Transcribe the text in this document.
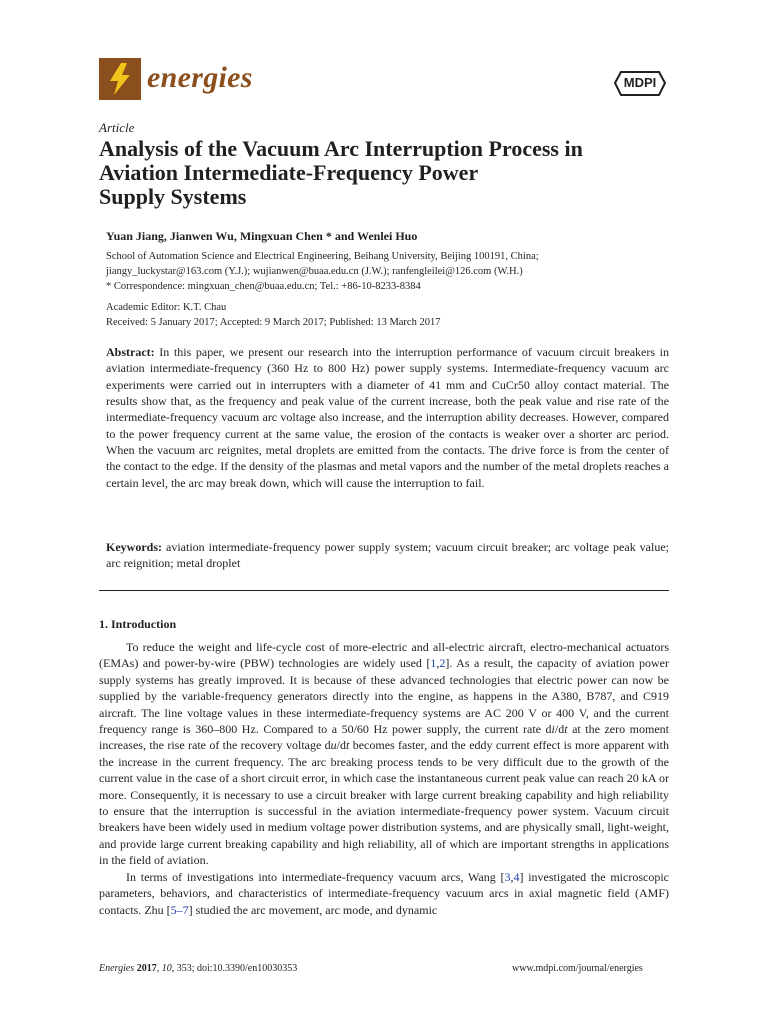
energies	MDPI
Article
Analysis of the Vacuum Arc Interruption Process in
Aviation Intermediate-Frequency Power
Supply Systems
Yuan Jiang, Jianwen Wu, Mingxuan Chen * and Wenlei Huo
School of Automation Science and Electrical Engineering, Beihang University, Beijing 100191, China;
jiangy_luckystar@163.com (Y.J.); wujianwen@buaa.edu.cn (J.W.); ranfengleilei@126.com (W.H.)
* Correspondence: mingxuan_chen@buaa.edu.cn; Tel.: +86-10-8233-8384
Academic Editor: K.T. Chau
Received: 5 January 2017; Accepted: 9 March 2017; Published: 13 March 2017
Abstract: In this paper, we present our research into the interruption performance of vacuum circuit breakers in aviation intermediate-frequency (360 Hz to 800 Hz) power supply systems. Intermediate-frequency vacuum arc experiments were carried out in interrupters with a diameter of 41 mm and CuCr50 alloy contact material. The results show that, as the frequency and peak value of the current increase, both the peak value and rise rate of the intermediate-frequency vacuum arc voltage also increase, and the interruption ability decreases. However, compared to the power frequency current at the same value, the erosion of the contacts is weaker over a shorter arc period. When the vacuum arc reignites, metal droplets are emitted from the contacts. The drive force is from the center of the contact to the edge. If the density of the plasmas and metal vapors and the number of the metal droplets reaches a certain level, the arc may break down, which will cause the interruption to fail.
Keywords: aviation intermediate-frequency power supply system; vacuum circuit breaker; arc voltage peak value; arc reignition; metal droplet
1. Introduction

To reduce the weight and life-cycle cost of more-electric and all-electric aircraft, electro-mechanical actuators (EMAs) and power-by-wire (PBW) technologies are widely used [1,2]. As a result, the capacity of aviation power supply systems has greatly improved. It is because of these advanced technologies that electric power can now be supplied by the variable-frequency generators directly into the engine, as happens in the A380, B787, and C919 aircraft. The line voltage values in these intermediate-frequency systems are AC 200 V or 400 V, and the current frequency range is 360–800 Hz. Compared to a 50/60 Hz power supply, the current rate di/dt at the zero moment increases, the rise rate of the recovery voltage du/dt becomes faster, and the eddy current effect is more apparent with the increase in the current frequency. The arc breaking process tends to be very difficult due to the growth of the current value in the case of a short circuit error, in which case the instantaneous current peak value can reach 20 kA or more. Consequently, it is necessary to use a circuit breaker with large current breaking capability and high reliability to ensure that the interruption is successful in the aviation intermediate-frequency power system. Vacuum circuit breakers have been widely used in medium voltage power distribution systems, and are physically small, light-weight, and provide large current breaking capability and high reliability, all of which are important strengths in applications in the field of aviation.

In terms of investigations into intermediate-frequency vacuum arcs, Wang [3,4] investigated the microscopic parameters, behaviors, and characteristics of intermediate-frequency vacuum arcs in axial magnetic field (AMF) contacts. Zhu [5–7] studied the arc movement, arc mode, and dynamic

Energies 2017, 10, 353; doi:10.3390/en10030353	www.mdpi.com/journal/energies
